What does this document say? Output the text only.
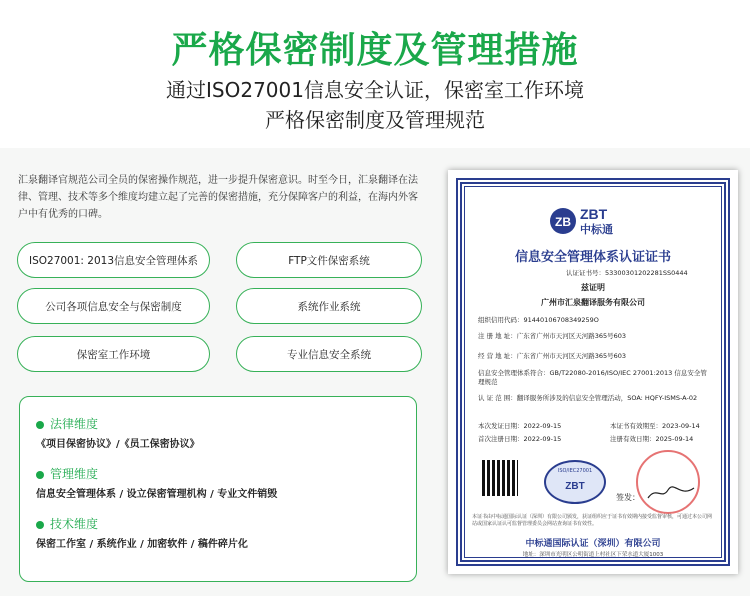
严格保密制度及管理措施
通过ISO27001信息安全认证，保密室工作环境
严格保密制度及管理规范
汇泉翻译官规范公司全员的保密操作规范，进一步提升保密意识。时至今日，汇泉翻译在法律、管理、技术等多个维度均建立起了完善的保密措施，充分保障客户的利益，在海内外客户中有优秀的口碑。
ISO27001: 2013信息安全管理体系	FTP文件保密系统
公司各项信息安全与保密制度	系统作业系统
保密室工作环境	专业信息安全系统
法律维度
《项目保密协议》/《员工保密协议》
管理维度
信息安全管理体系 / 设立保密管理机构 / 专业文件销毁
技术维度
保密工作室 / 系统作业 / 加密软件 / 稿件碎片化
ZB ZBT
中标通
信息安全管理体系认证证书
认证证书号：53300301202281SS0444
兹证明
广州市汇泉翻译服务有限公司
组织信用代码：91440106708349259O
注 册 地 址：广东省广州市天河区天河路365号603
经 营 地 址：广东省广州市天河区天河路365号603
信息安全管理体系符合：GB/T22080-2016/ISO/IEC 27001:2013 信息安全管理规范
认 证 范 围：翻译服务所涉及的信息安全管理活动，SOA: HQFY-ISMS-A-02
本次发证日期：2022-09-15	本证书有效期至：2023-09-14
首次注册日期：2022-09-15	注册有效日期：2025-09-14
ISO/IEC27001
ZBT
签发：
本证书由中标通国际认证（深圳）有限公司颁发，获证组织应于证书有效期内接受监督审核，可通过本公司网站或国家认证认可监督管理委员会网站查询证书有效性。
中标通国际认证（深圳）有限公司
地址：深圳市光明区公明街道上村社区下荣水道大厦1003
